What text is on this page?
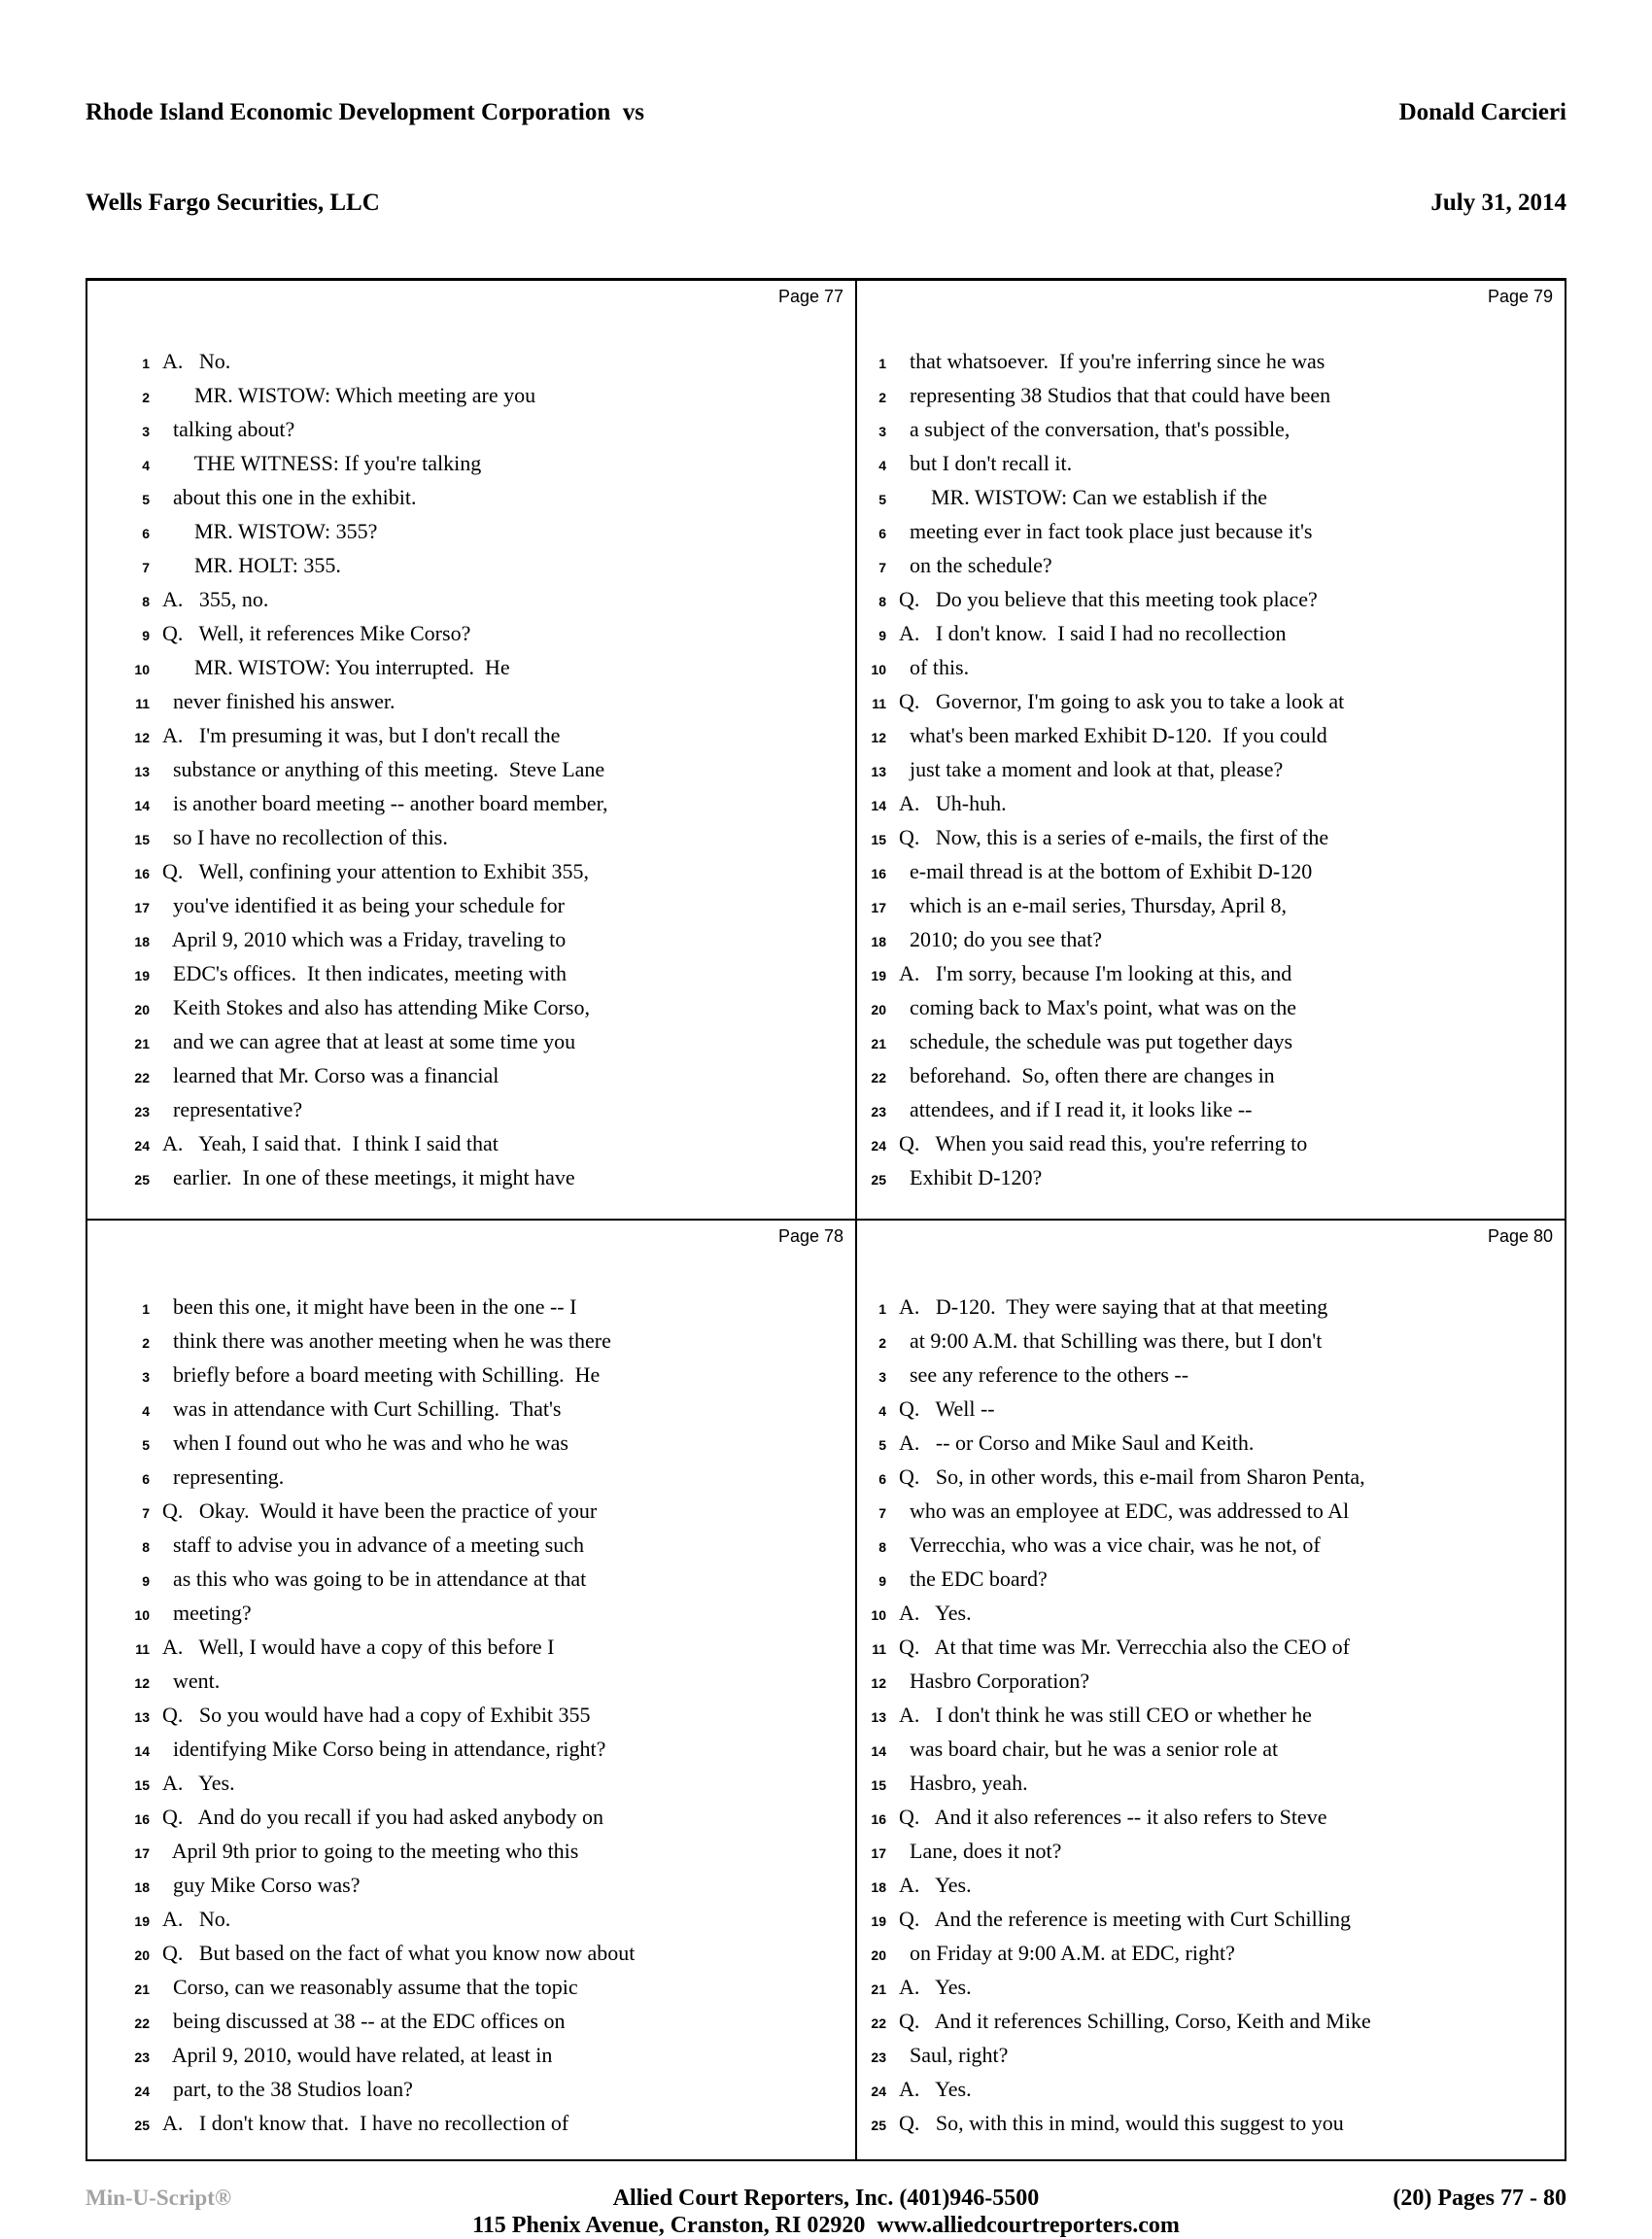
Rhode Island Economic Development Corporation  vs

Wells Fargo Securities, LLC

Donald Carcieri

July 31, 2014

Page 77
1 A.   No.
2 MR. WISTOW: Which meeting are you
3 talking about?
4 THE WITNESS: If you're talking
5 about this one in the exhibit.
6 MR. WISTOW: 355?
7 MR. HOLT: 355.
8 A.   355, no.
9 Q.   Well, it references Mike Corso?
10 MR. WISTOW: You interrupted.  He
11 never finished his answer.
12 A.   I'm presuming it was, but I don't recall the
13 substance or anything of this meeting.  Steve Lane
14 is another board meeting -- another board member,
15 so I have no recollection of this.
16 Q.   Well, confining your attention to Exhibit 355,
17 you've identified it as being your schedule for
18 April 9, 2010 which was a Friday, traveling to
19 EDC's offices.  It then indicates, meeting with
20 Keith Stokes and also has attending Mike Corso,
21 and we can agree that at least at some time you
22 learned that Mr. Corso was a financial
23 representative?
24 A.   Yeah, I said that.  I think I said that
25 earlier.  In one of these meetings, it might have
Page 79
1 that whatsoever.  If you're inferring since he was
2 representing 38 Studios that that could have been
3 a subject of the conversation, that's possible,
4 but I don't recall it.
5 MR. WISTOW: Can we establish if the
6 meeting ever in fact took place just because it's
7 on the schedule?
8 Q.   Do you believe that this meeting took place?
9 A.   I don't know.  I said I had no recollection
10 of this.
11 Q.   Governor, I'm going to ask you to take a look at
12 what's been marked Exhibit D-120.  If you could
13 just take a moment and look at that, please?
14 A.   Uh-huh.
15 Q.   Now, this is a series of e-mails, the first of the
16 e-mail thread is at the bottom of Exhibit D-120
17 which is an e-mail series, Thursday, April 8,
18 2010; do you see that?
19 A.   I'm sorry, because I'm looking at this, and
20 coming back to Max's point, what was on the
21 schedule, the schedule was put together days
22 beforehand.  So, often there are changes in
23 attendees, and if I read it, it looks like --
24 Q.   When you said read this, you're referring to
25 Exhibit D-120?
Page 78
1 been this one, it might have been in the one -- I
2 think there was another meeting when he was there
3 briefly before a board meeting with Schilling.  He
4 was in attendance with Curt Schilling.  That's
5 when I found out who he was and who he was
6 representing.
7 Q.   Okay.  Would it have been the practice of your
8 staff to advise you in advance of a meeting such
9 as this who was going to be in attendance at that
10 meeting?
11 A.   Well, I would have a copy of this before I
12 went.
13 Q.   So you would have had a copy of Exhibit 355
14 identifying Mike Corso being in attendance, right?
15 A.   Yes.
16 Q.   And do you recall if you had asked anybody on
17 April 9th prior to going to the meeting who this
18 guy Mike Corso was?
19 A.   No.
20 Q.   But based on the fact of what you know now about
21 Corso, can we reasonably assume that the topic
22 being discussed at 38 -- at the EDC offices on
23 April 9, 2010, would have related, at least in
24 part, to the 38 Studios loan?
25 A.   I don't know that.  I have no recollection of
Page 80
1 A.   D-120.  They were saying that at that meeting
2 at 9:00 A.M. that Schilling was there, but I don't
3 see any reference to the others --
4 Q.   Well --
5 A.   -- or Corso and Mike Saul and Keith.
6 Q.   So, in other words, this e-mail from Sharon Penta,
7 who was an employee at EDC, was addressed to Al
8 Verrecchia, who was a vice chair, was he not, of
9 the EDC board?
10 A.   Yes.
11 Q.   At that time was Mr. Verrecchia also the CEO of
12 Hasbro Corporation?
13 A.   I don't think he was still CEO or whether he
14 was board chair, but he was a senior role at
15 Hasbro, yeah.
16 Q.   And it also references -- it also refers to Steve
17 Lane, does it not?
18 A.   Yes.
19 Q.   And the reference is meeting with Curt Schilling
20 on Friday at 9:00 A.M. at EDC, right?
21 A.   Yes.
22 Q.   And it references Schilling, Corso, Keith and Mike
23 Saul, right?
24 A.   Yes.
25 Q.   So, with this in mind, would this suggest to you
Min-U-Script®	Allied Court Reporters, Inc. (401)946-5500	(20) Pages 77 - 80
115 Phenix Avenue, Cranston, RI 02920  www.alliedcourtreporters.com
